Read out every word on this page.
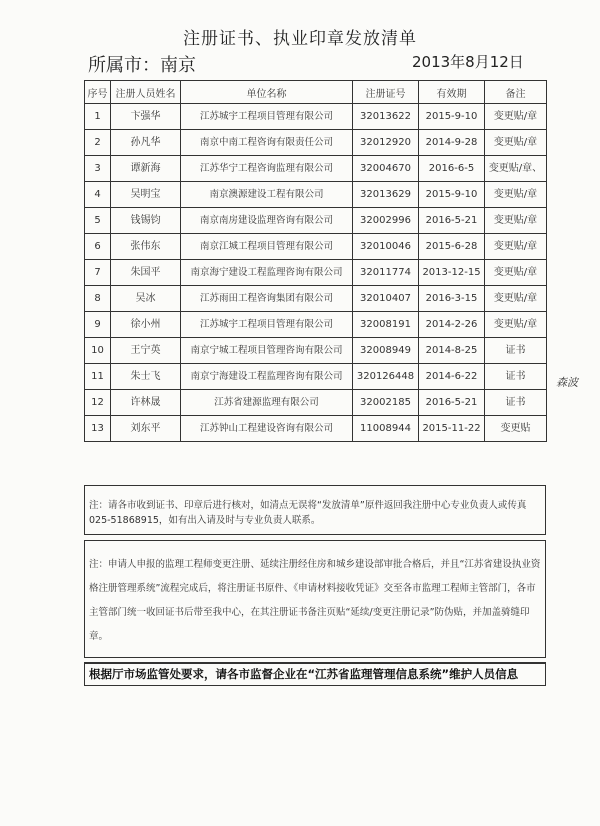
注册证书、执业印章发放清单
所属市：南京	2013年8月12日
序号	注册人员姓名	单位名称	注册证号	有效期	备注
1	卞强华	江苏城宇工程项目管理有限公司	32013622	2015-9-10	变更贴/章
2	孙凡华	南京中南工程咨询有限责任公司	32012920	2014-9-28	变更贴/章
3	谭新海	江苏华宁工程咨询监理有限公司	32004670	2016-6-5	变更贴/章、
4	吴明宝	南京澳源建设工程有限公司	32013629	2015-9-10	变更贴/章
5	钱锡钧	南京南房建设监理咨询有限公司	32002996	2016-5-21	变更贴/章
6	张伟东	南京江城工程项目管理有限公司	32010046	2015-6-28	变更贴/章
7	朱国平	南京海宁建设工程监理咨询有限公司	32011774	2013-12-15	变更贴/章
8	吴冰	江苏雨田工程咨询集团有限公司	32010407	2016-3-15	变更贴/章
9	徐小州	江苏城宇工程项目管理有限公司	32008191	2014-2-26	变更贴/章
10	王宁英	南京宁城工程项目管理咨询有限公司	32008949	2014-8-25	证书
11	朱士飞	南京宁海建设工程监理咨询有限公司	320126448	2014-6-22	证书
12	许林晟	江苏省建源监理有限公司	32002185	2016-5-21	证书
13	刘东平	江苏钟山工程建设咨询有限公司	11008944	2015-11-22	变更贴
注：请各市收到证书、印章后进行核对，如清点无误将“发放清单”原件返回我注册中心专业负责人或传真025-51868915，如有出入请及时与专业负责人联系。
注：申请人申报的监理工程师变更注册、延续注册经住房和城乡建设部审批合格后，并且“江苏省建设执业资格注册管理系统”流程完成后，将注册证书原件、《申请材料接收凭证》交至各市监理工程师主管部门，各市主管部门统一收回证书后带至我中心，在其注册证书备注页贴“延续/变更注册记录”防伪贴，并加盖骑缝印章。
根据厅市场监管处要求，请各市监督企业在“江苏省监理管理信息系统”维护人员信息
森波
